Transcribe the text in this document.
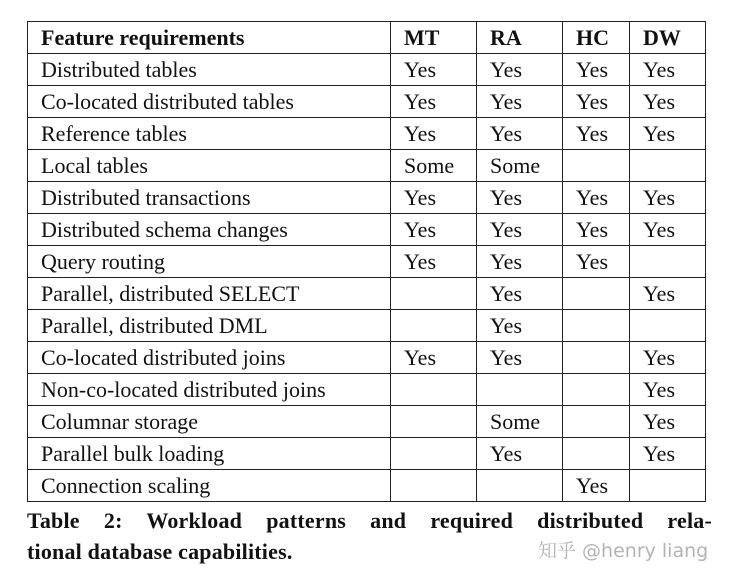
Feature requirements	MT	RA	HC	DW
Distributed tables	Yes	Yes	Yes	Yes
Co-located distributed tables	Yes	Yes	Yes	Yes
Reference tables	Yes	Yes	Yes	Yes
Local tables	Some	Some		
Distributed transactions	Yes	Yes	Yes	Yes
Distributed schema changes	Yes	Yes	Yes	Yes
Query routing	Yes	Yes	Yes	
Parallel, distributed SELECT		Yes		Yes
Parallel, distributed DML		Yes		
Co-located distributed joins	Yes	Yes		Yes
Non-co-located distributed joins				Yes
Columnar storage		Some		Yes
Parallel bulk loading		Yes		Yes
Connection scaling			Yes	
Table 2: Workload patterns and required distributed rela-
tional database capabilities.	知乎 @henry liang
